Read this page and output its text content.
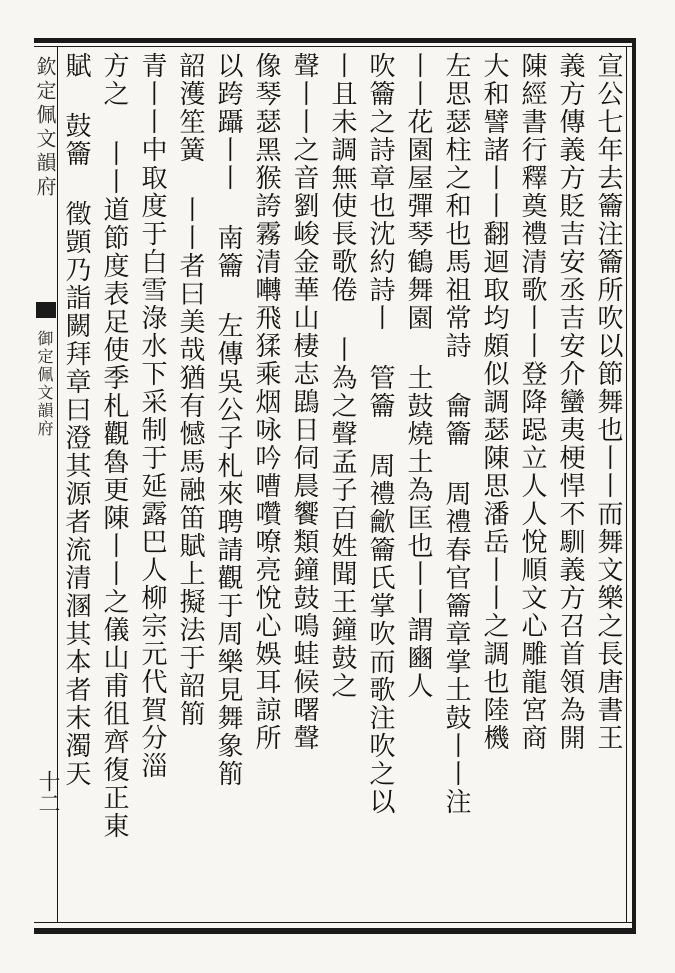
宣公七年去籥注籥所吹以節舞也丨丨而舞文樂之長唐書王
義方傳義方貶吉安丞吉安介蠻夷梗悍不馴義方召首領為開
陳經書行釋奠禮清歌丨丨登降跽立人人悅順文心雕龍宮商
大和譬諸丨丨翻迴取均頗似調瑟陳思潘岳丨丨之調也陸機
左思瑟柱之和也馬祖常詩 龠籥 周禮春官籥章掌土鼓丨丨注
丨丨花園屋彈琴鶴舞園 土鼓燒土為匡也丨丨謂豳人
吹籥之詩章也沈約詩丨 管籥 周禮龡籥氏掌吹而歌注吹之以
丨且未調無使長歌倦 丨為之聲孟子百姓聞王鐘鼓之
聲丨丨之音劉峻金華山棲志鵾日伺晨饗類鐘鼓鳴蛙候曙聲
像琴瑟黑猴誇霧清囀飛猱乘烟咏吟嘈囋嘹亮悅心娛耳諒所
以跨躡丨丨 南籥 左傳吳公子札來聘請觀于周樂見舞象箾
韶濩笙簧 丨丨者曰美哉猶有憾馬融笛賦上擬法于韶箾
欽定佩文韻府
御定佩文韻府
十二
青丨丨中取度于白雪淥水下采制于延露巴人柳宗元代賀分淄
方之 丨丨道節度表足使季札觀魯更陳丨丨之儀山甫徂齊復正東
賦 鼓籥 徵顗乃詣闕拜章曰澄其源者流清溷其本者末濁天
